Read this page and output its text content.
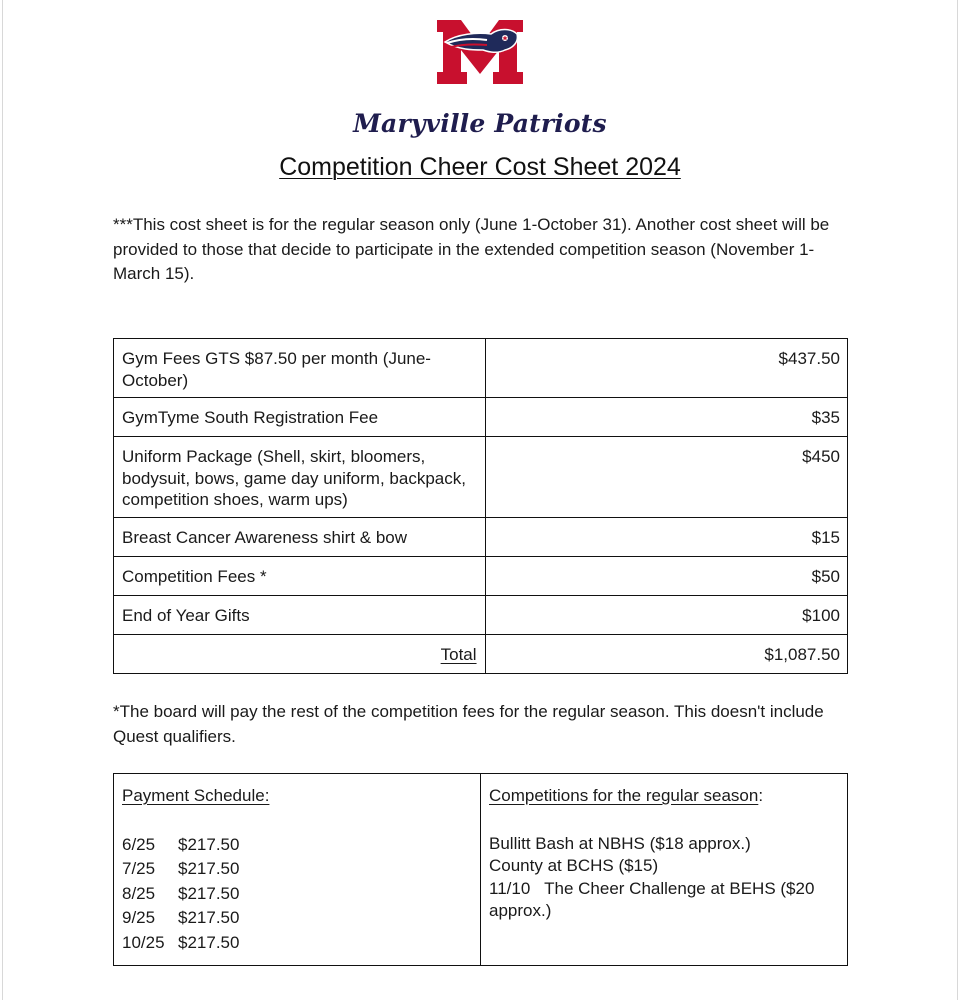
Maryville Patriots
Competition Cheer Cost Sheet 2024
***This cost sheet is for the regular season only (June 1-October 31). Another cost sheet will be provided to those that decide to participate in the extended competition season (November 1-March 15).
Gym Fees GTS $87.50 per month (June-October)	$437.50
GymTyme South Registration Fee	$35
Uniform Package (Shell, skirt, bloomers, bodysuit, bows, game day uniform, backpack, competition shoes, warm ups)	$450
Breast Cancer Awareness shirt & bow	$15
Competition Fees *	$50
End of Year Gifts	$100
Total	$1,087.50
*The board will pay the rest of the competition fees for the regular season. This doesn't include Quest qualifiers.
Payment Schedule:
6/25 $217.50
7/25 $217.50
8/25 $217.50
9/25 $217.50
10/25 $217.50

Competitions for the regular season:
Bullitt Bash at NBHS ($18 approx.)
County at BCHS ($15)
11/10   The Cheer Challenge at BEHS ($20 approx.)
